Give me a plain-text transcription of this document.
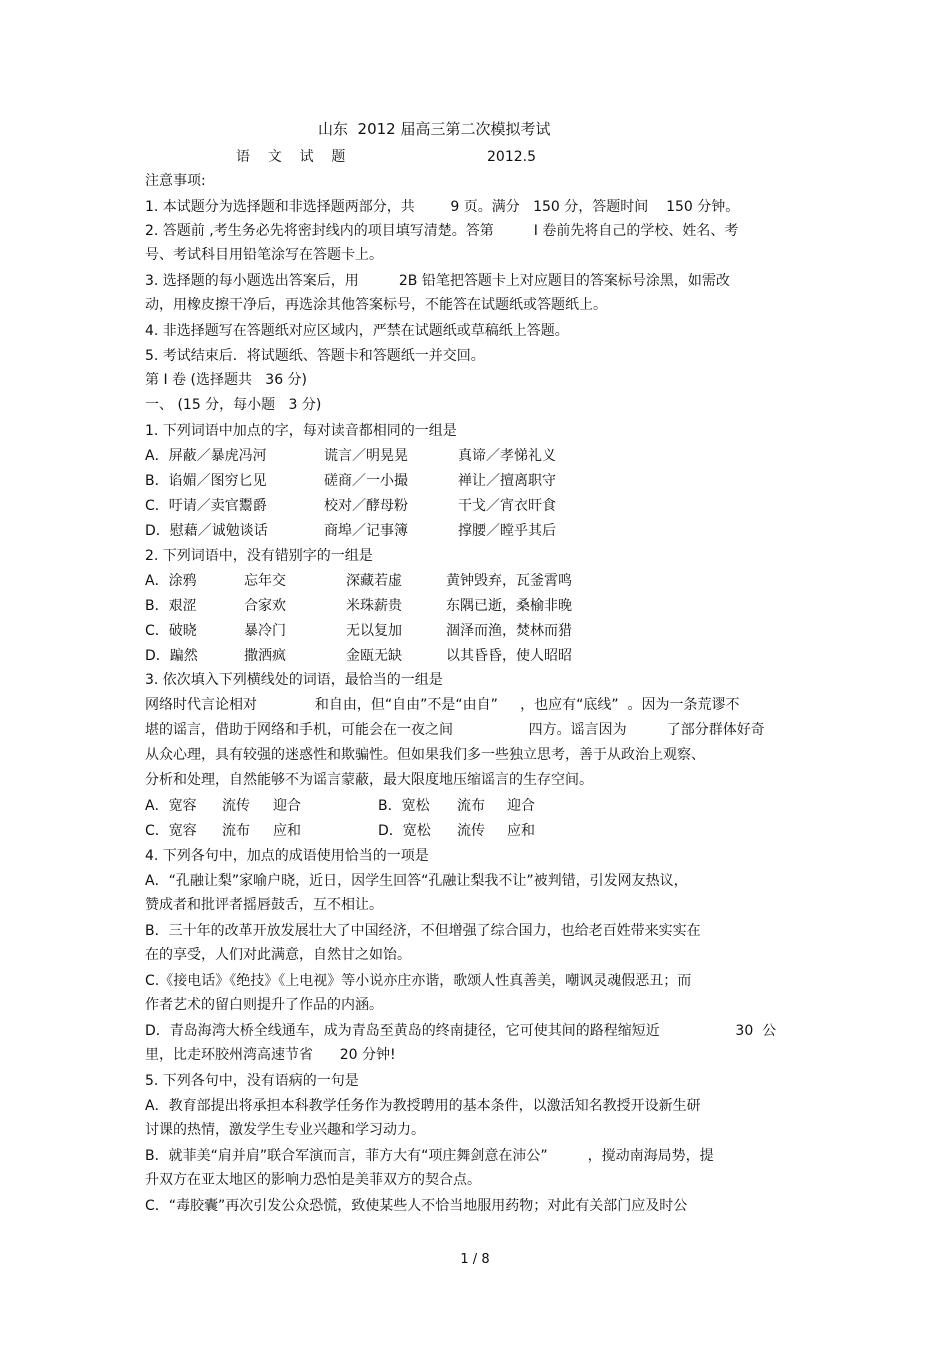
山东  2012 届高三第二次模拟考试
语    文    试    题	2012.5
注意事项:
1. 本试题分为选择题和非选择题两部分，共        9 页。满分   150 分，答题时间    150 分钟。
2. 答题前 ,考生务必先将密封线内的项目填写清楚。答第         I 卷前先将自己的学校、姓名、考
号、考试科目用铅笔涂写在答题卡上。
3. 选择题的每小题选出答案后，用         2B 铅笔把答题卡上对应题目的答案标号涂黑，如需改
动，用橡皮擦干净后，再选涂其他答案标号，不能答在试题纸或答题纸上。
4. 非选择题写在答题纸对应区域内，严禁在试题纸或草稿纸上答题。
5. 考试结束后．将试题纸、答题卡和答题纸一并交回。
第 I 卷 (选择题共   36 分)
一、 (15 分，每小题   3 分)
1. 下列词语中加点的字，每对读音都相同的一组是
A．屏蔽／暴虎冯河	谎言／明晃晃	真谛／孝悌礼义
B．谄媚／图穷匕见	磋商／一小撮	禅让／擅离职守
C．吁请／卖官鬻爵	校对／酵母粉	干戈／宵衣旰食
D．慰藉／诚勉谈话	商埠／记事簿	撑腰／瞠乎其后
2. 下列词语中，没有错别字的一组是
A．涂鸦	忘年交	深藏若虚	黄钟毁弃，瓦釜霄鸣
B．艰涩	合家欢	米珠薪贵	东隅已逝，桑榆非晚
C．破晓	暴冷门	无以复加	涸泽而渔，焚林而猎
D．蹁然	撒洒疯	金瓯无缺	以其昏昏，使人昭昭
3. 依次填入下列横线处的词语，最恰当的一组是
网络时代言论相对             和自由，但“自由”不是“由自”     ，也应有“底线”  。因为一条荒谬不
堪的谣言，借助于网络和手机，可能会在一夜之间                 四方。谣言因为         了部分群体好奇
从众心理，具有较强的迷惑性和欺骗性。但如果我们多一些独立思考，善于从政治上观察、
分析和处理，自然能够不为谣言蒙蔽，最大限度地压缩谣言的生存空间。
A．宽容 流传 迎合	B．宽松 流布 迎合
C．宽容 流布 应和	D．宽松 流传 应和
4. 下列各句中，加点的成语使用恰当的一项是
A．“孔融让梨”家喻户晓，近日，因学生回答“孔融让梨我不让”被判错，引发网友热议，
赞成者和批评者摇唇鼓舌，互不相让。
B．三十年的改革开放发展壮大了中国经济，不但增强了综合国力，也给老百姓带来实实在
在的享受，人们对此满意，自然甘之如饴。
C.《接电话》《绝技》《上电视》等小说亦庄亦谐，歌颂人性真善美，嘲讽灵魂假恶丑；而
作者艺术的留白则提升了作品的内涵。
D．青岛海湾大桥全线通车，成为青岛至黄岛的终南捷径，它可使其间的路程缩短近                 30  公
里，比走环胶州湾高速节省      20 分钟!
5. 下列各句中，没有语病的一句是
A．教育部提出将承担本科教学任务作为教授聘用的基本条件，以激活知名教授开设新生研
讨课的热情，激发学生专业兴趣和学习动力。
B．就菲美“肩并肩”联合军演而言，菲方大有“项庄舞剑意在沛公”         ，搅动南海局势，提
升双方在亚太地区的影响力恐怕是美菲双方的契合点。
C．“毒胶囊”再次引发公众恐慌，致使某些人不恰当地服用药物；对此有关部门应及时公
1 / 8
